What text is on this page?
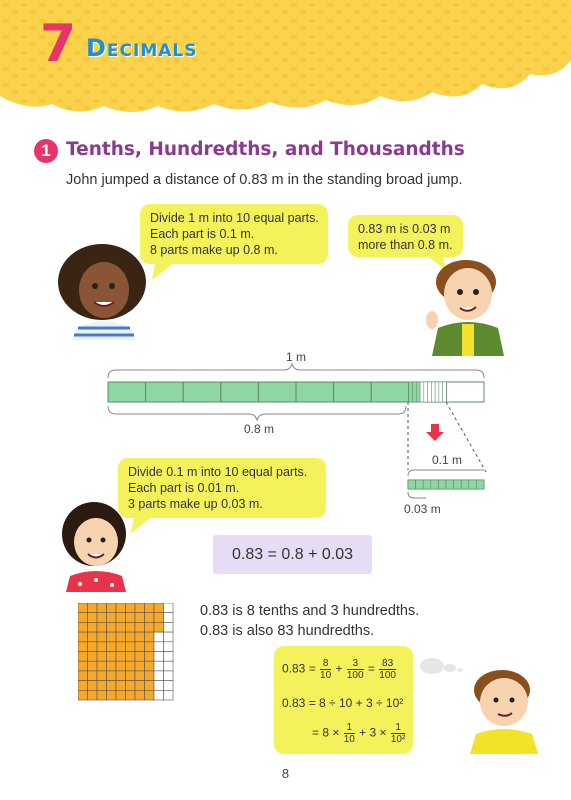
7 Decimals
1 Tenths, Hundredths, and Thousandths
John jumped a distance of 0.83 m in the standing broad jump.

Divide 1 m into 10 equal parts.

Each part is 0.1 m.

8 parts make up 0.8 m.

0.83 m is 0.03 m

more than 0.8 m.

1 m
0.8 m
0.1 m
0.03 m

Divide 0.1 m into 10 equal parts.

Each part is 0.01 m.

3 parts make up 0.03 m.

0.83 = 0.8 + 0.03
0.83 is 8 tenths and 3 hundredths.
0.83 is also 83 hundredths.
$0.83 = \frac{8}{10} + \frac{3}{100} = \frac{83}{100}$
0.83 = 8 ÷ 10 + 3 ÷ 10²
= $8 \times \frac{1}{10} + 3 \times \frac{1}{\text{10²}}$
8
